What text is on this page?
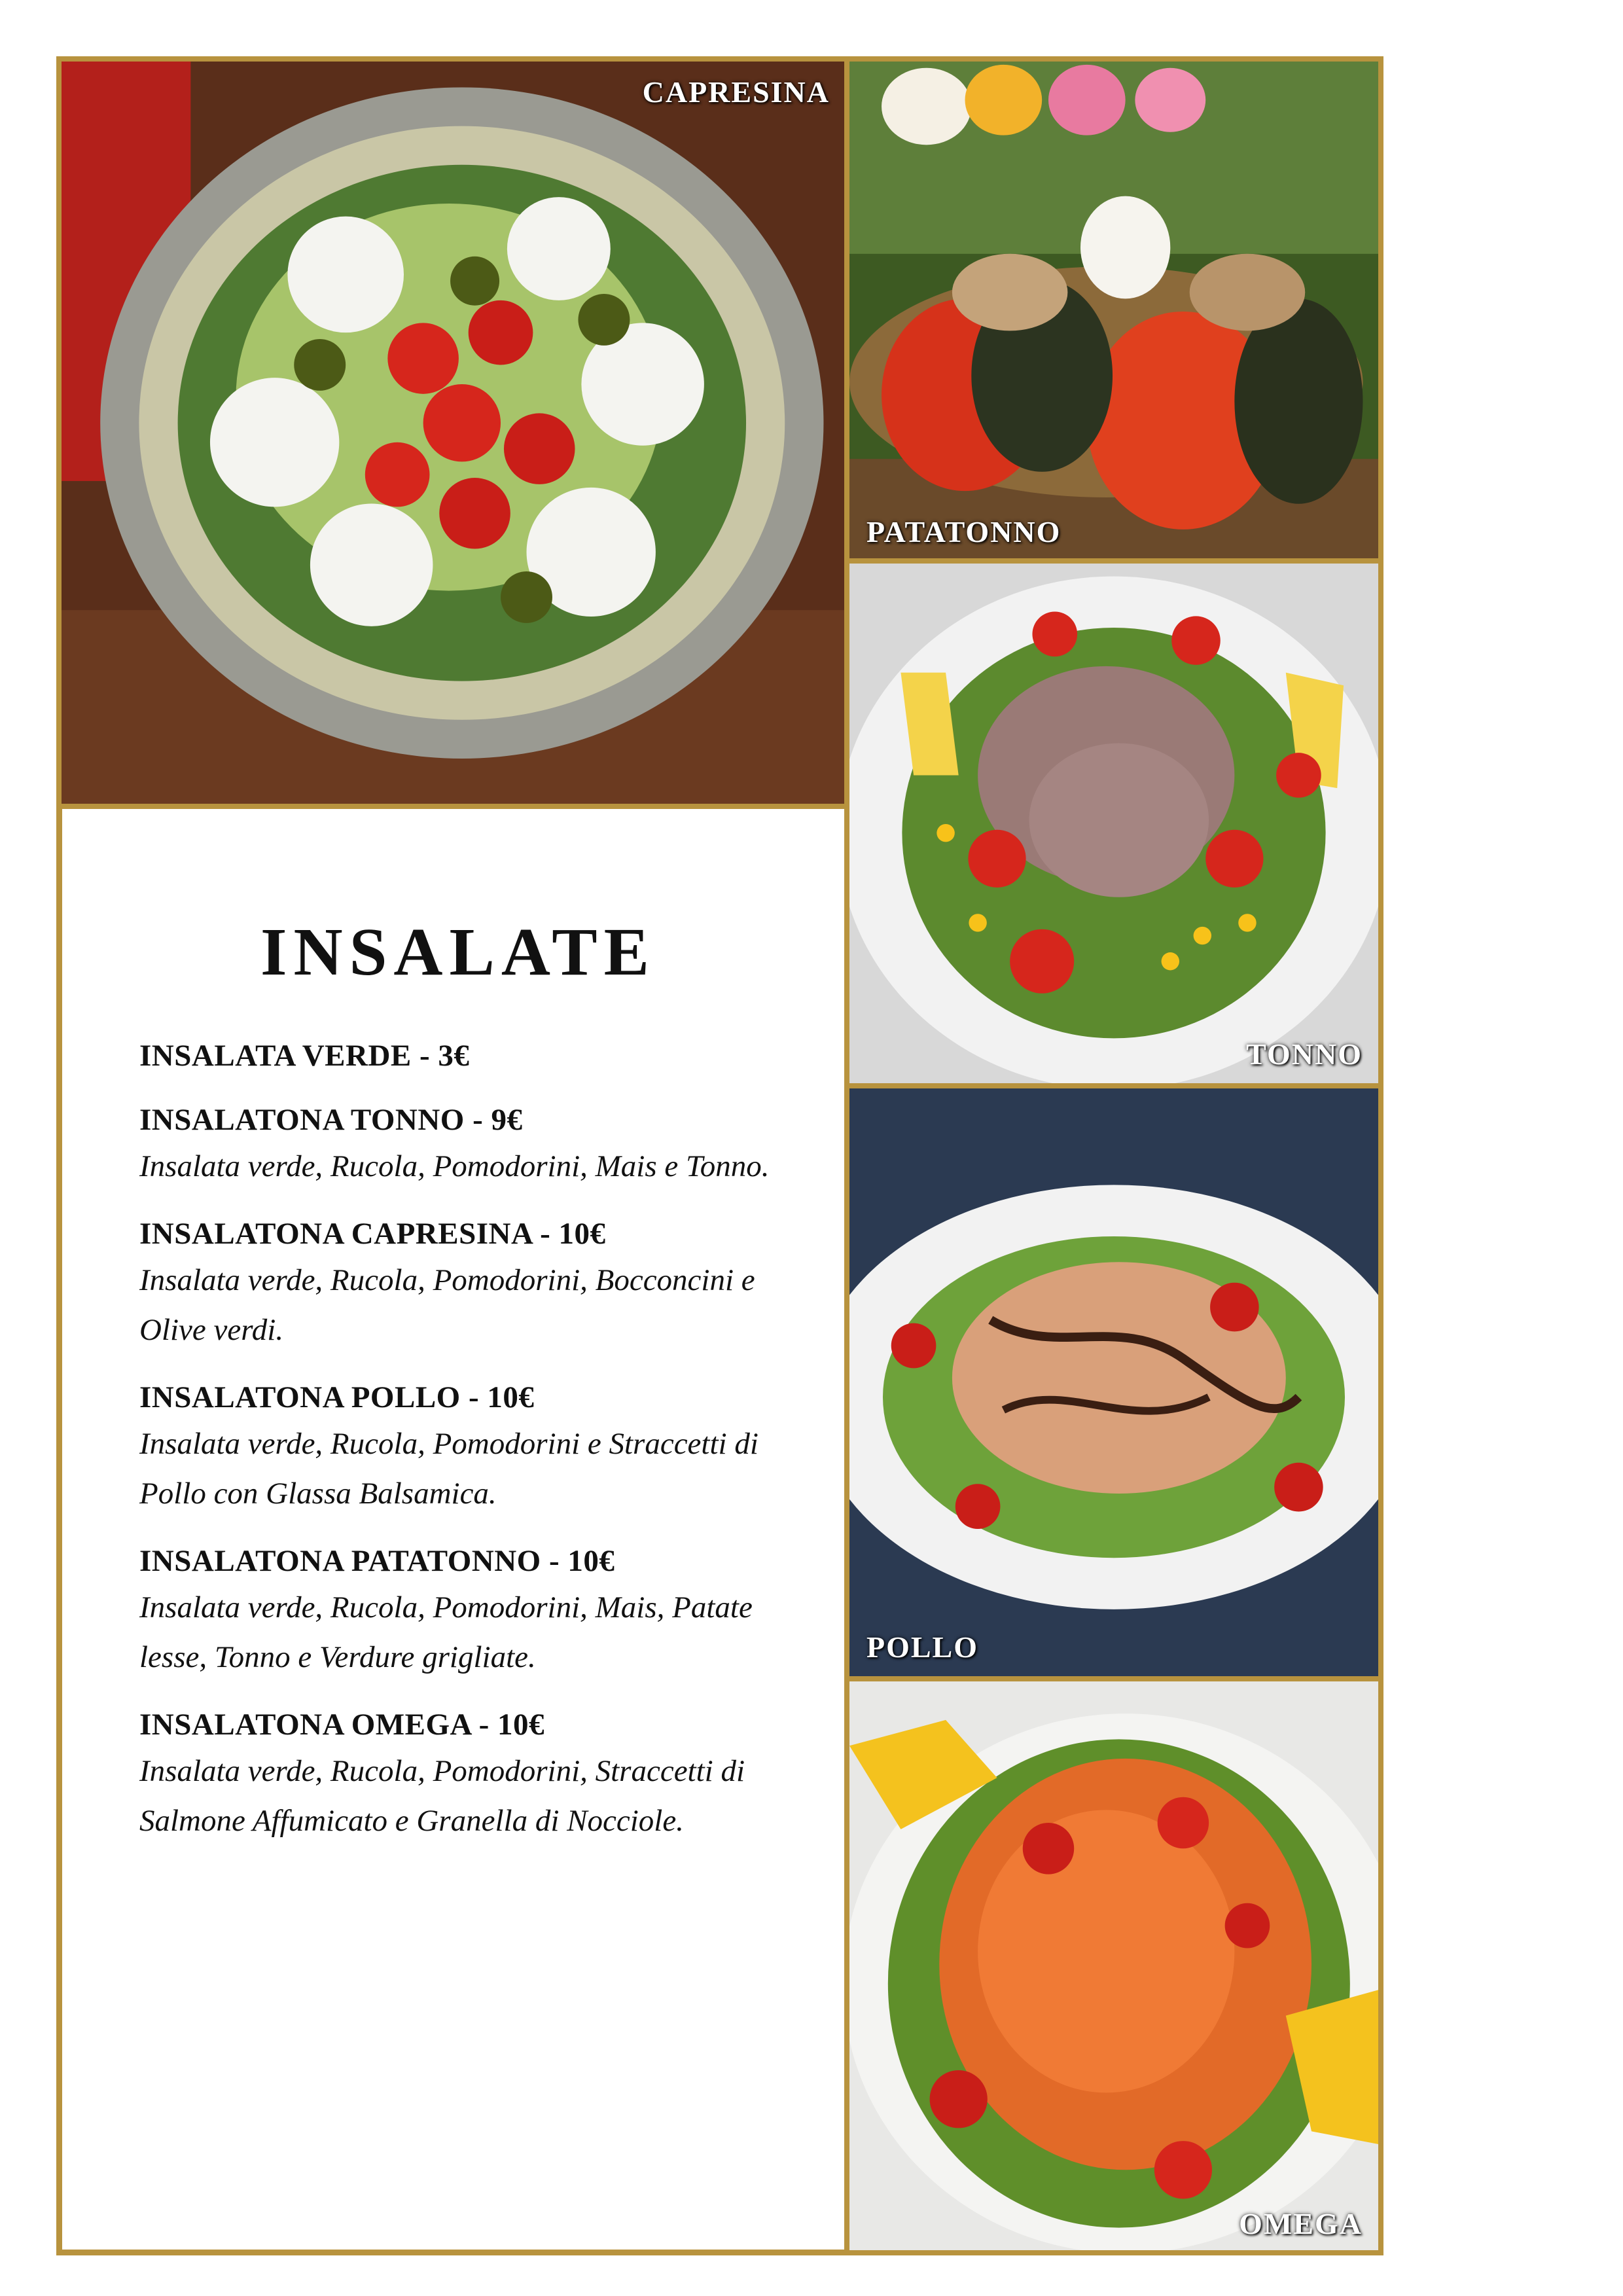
CAPRESINA
PATATONNO
TONNO
POLLO
OMEGA
INSALATE
INSALATA VERDE - 3€
INSALATONA TONNO - 9€
Insalata verde, Rucola, Pomodorini, Mais e Tonno.
INSALATONA CAPRESINA - 10€
Insalata verde, Rucola, Pomodorini, Bocconcini e Olive verdi.
INSALATONA POLLO - 10€
Insalata verde, Rucola, Pomodorini e Straccetti di Pollo con Glassa Balsamica.
INSALATONA PATATONNO - 10€
Insalata verde, Rucola, Pomodorini, Mais, Patate lesse, Tonno e Verdure grigliate.
INSALATONA OMEGA - 10€
Insalata verde, Rucola, Pomodorini, Straccetti di Salmone Affumicato e Granella di Nocciole.
